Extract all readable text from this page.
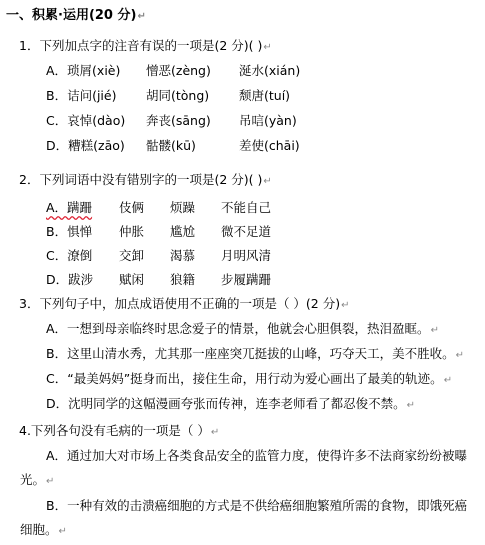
一、积累·运用(20 分)↵
1．下列加点字的注音有误的一项是(2 分)( )↵
A．琐屑(xiè) 憎恶(zèng) 涎水(xián)
B．诘问(jié) 胡同(tòng) 颓唐(tuí)
C．哀悼(dào) 奔丧(sāng) 吊唁(yàn)
D．糟糕(zāo) 骷髅(kū)	差使(chāi)
2．下列词语中没有错别字的一项是(2 分)( )↵
A．蹒跚 伎俩 烦躁 不能自己
B．惧惮 仲胀 尴尬 微不足道
C．潦倒 交卸 渴慕 月明风清
D．跋涉 赋闲 狼籍 步履蹒跚
3．下列句子中，加点成语使用不正确的一项是（ ）(2 分)↵
A．一想到母亲临终时思念爱子的情景，他就会心胆俱裂，热泪盈眶。↵
B．这里山清水秀，尤其那一座座突兀挺拔的山峰，巧夺天工，美不胜收。↵
C．“最美妈妈”挺身而出，接住生命，用行动为爱心画出了最美的轨迹。↵
D．沈明同学的这幅漫画夸张而传神，连李老师看了都忍俊不禁。↵
4.下列各句没有毛病的一项是（ ）↵
A．通过加大对市场上各类食品安全的监管力度，使得许多不法商家纷纷被曝
光。↵
B．一种有效的击溃癌细胞的方式是不供给癌细胞繁殖所需的食物，即饿死癌
细胞。↵
